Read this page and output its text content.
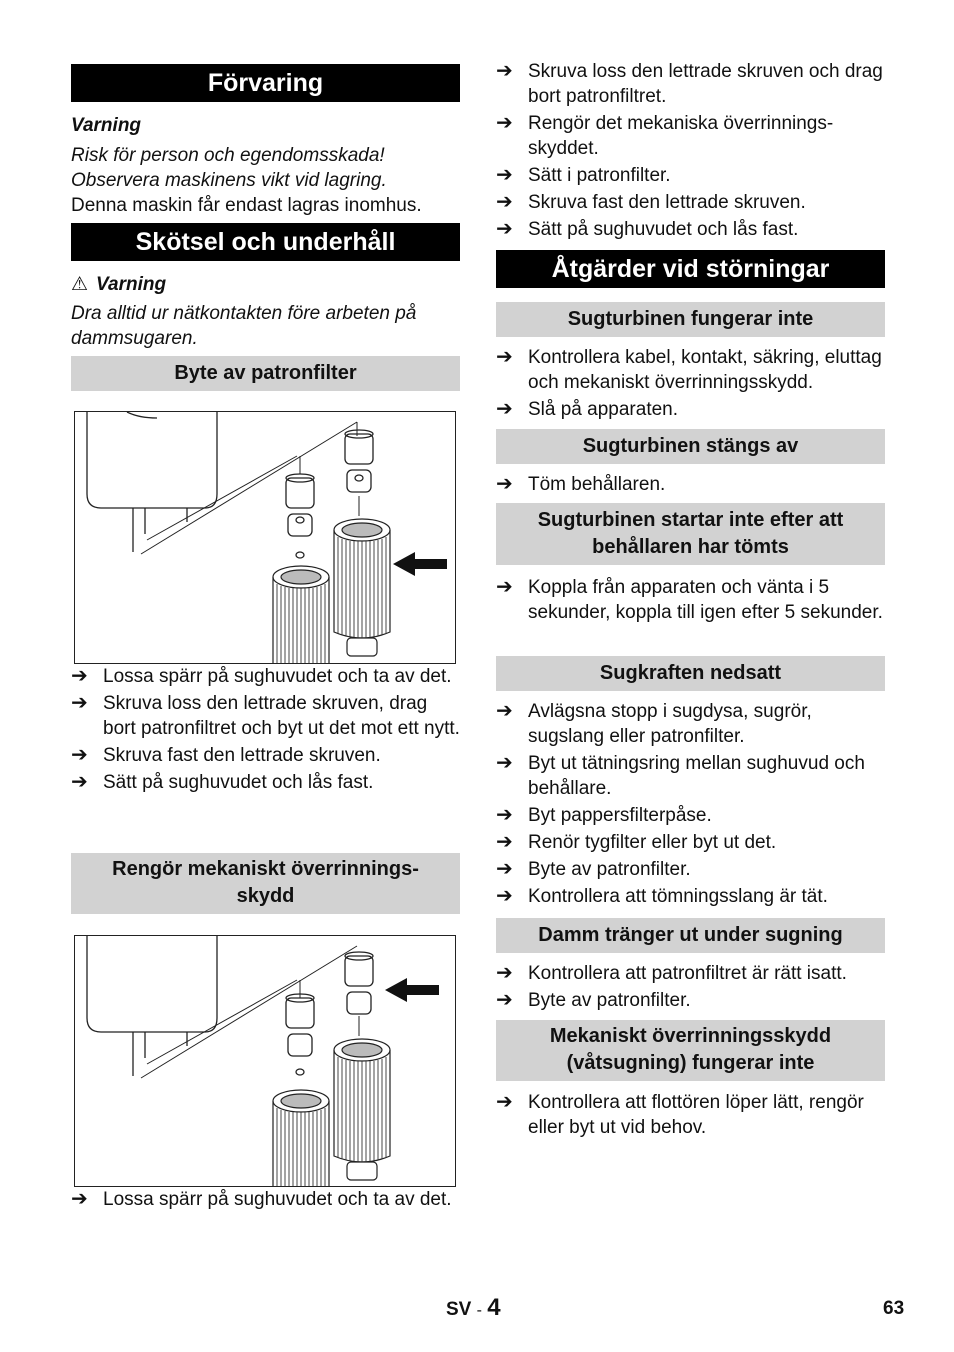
Förvaring
Varning
Risk för person och egendomsskada! Observera maskinens vikt vid lagring.
Denna maskin får endast lagras inomhus.
Skötsel och underhåll
⚠ Varning
Dra alltid ur nätkontakten före arbeten på dammsugaren.
Byte av patronfilter
➔ Lossa spärr på sughuvudet och ta av det.
➔ Skruva loss den lettrade skruven, drag bort patronfiltret och byt ut det mot ett nytt.
➔ Skruva fast den lettrade skruven.
➔ Sätt på sughuvudet och lås fast.
Rengör mekaniskt överrinnings-skydd
➔ Lossa spärr på sughuvudet och ta av det.
➔ Skruva loss den lettrade skruven och drag bort patronfiltret.
➔ Rengör det mekaniska överrinnings-skyddet.
➔ Sätt i patronfilter.
➔ Skruva fast den lettrade skruven.
➔ Sätt på sughuvudet och lås fast.
Åtgärder vid störningar
Sugturbinen fungerar inte
➔ Kontrollera kabel, kontakt, säkring, eluttag och mekaniskt överrinningsskydd.
➔ Slå på apparaten.
Sugturbinen stängs av
➔ Töm behållaren.
Sugturbinen startar inte efter att behållaren har tömts
➔ Koppla från apparaten och vänta i 5 sekunder, koppla till igen efter 5 sekunder.
Sugkraften nedsatt
➔ Avlägsna stopp i sugdysa, sugrör, sugslang eller patronfilter.
➔ Byt ut tätningsring mellan sughuvud och behållare.
➔ Byt pappersfilterpåse.
➔ Renör tygfilter eller byt ut det.
➔ Byte av patronfilter.
➔ Kontrollera att tömningsslang är tät.
Damm tränger ut under sugning
➔ Kontrollera att patronfiltret är rätt isatt.
➔ Byte av patronfilter.
Mekaniskt överrinningsskydd (våtsugning) fungerar inte
➔ Kontrollera att flottören löper lätt, rengör eller byt ut vid behov.
SV - 4	63
